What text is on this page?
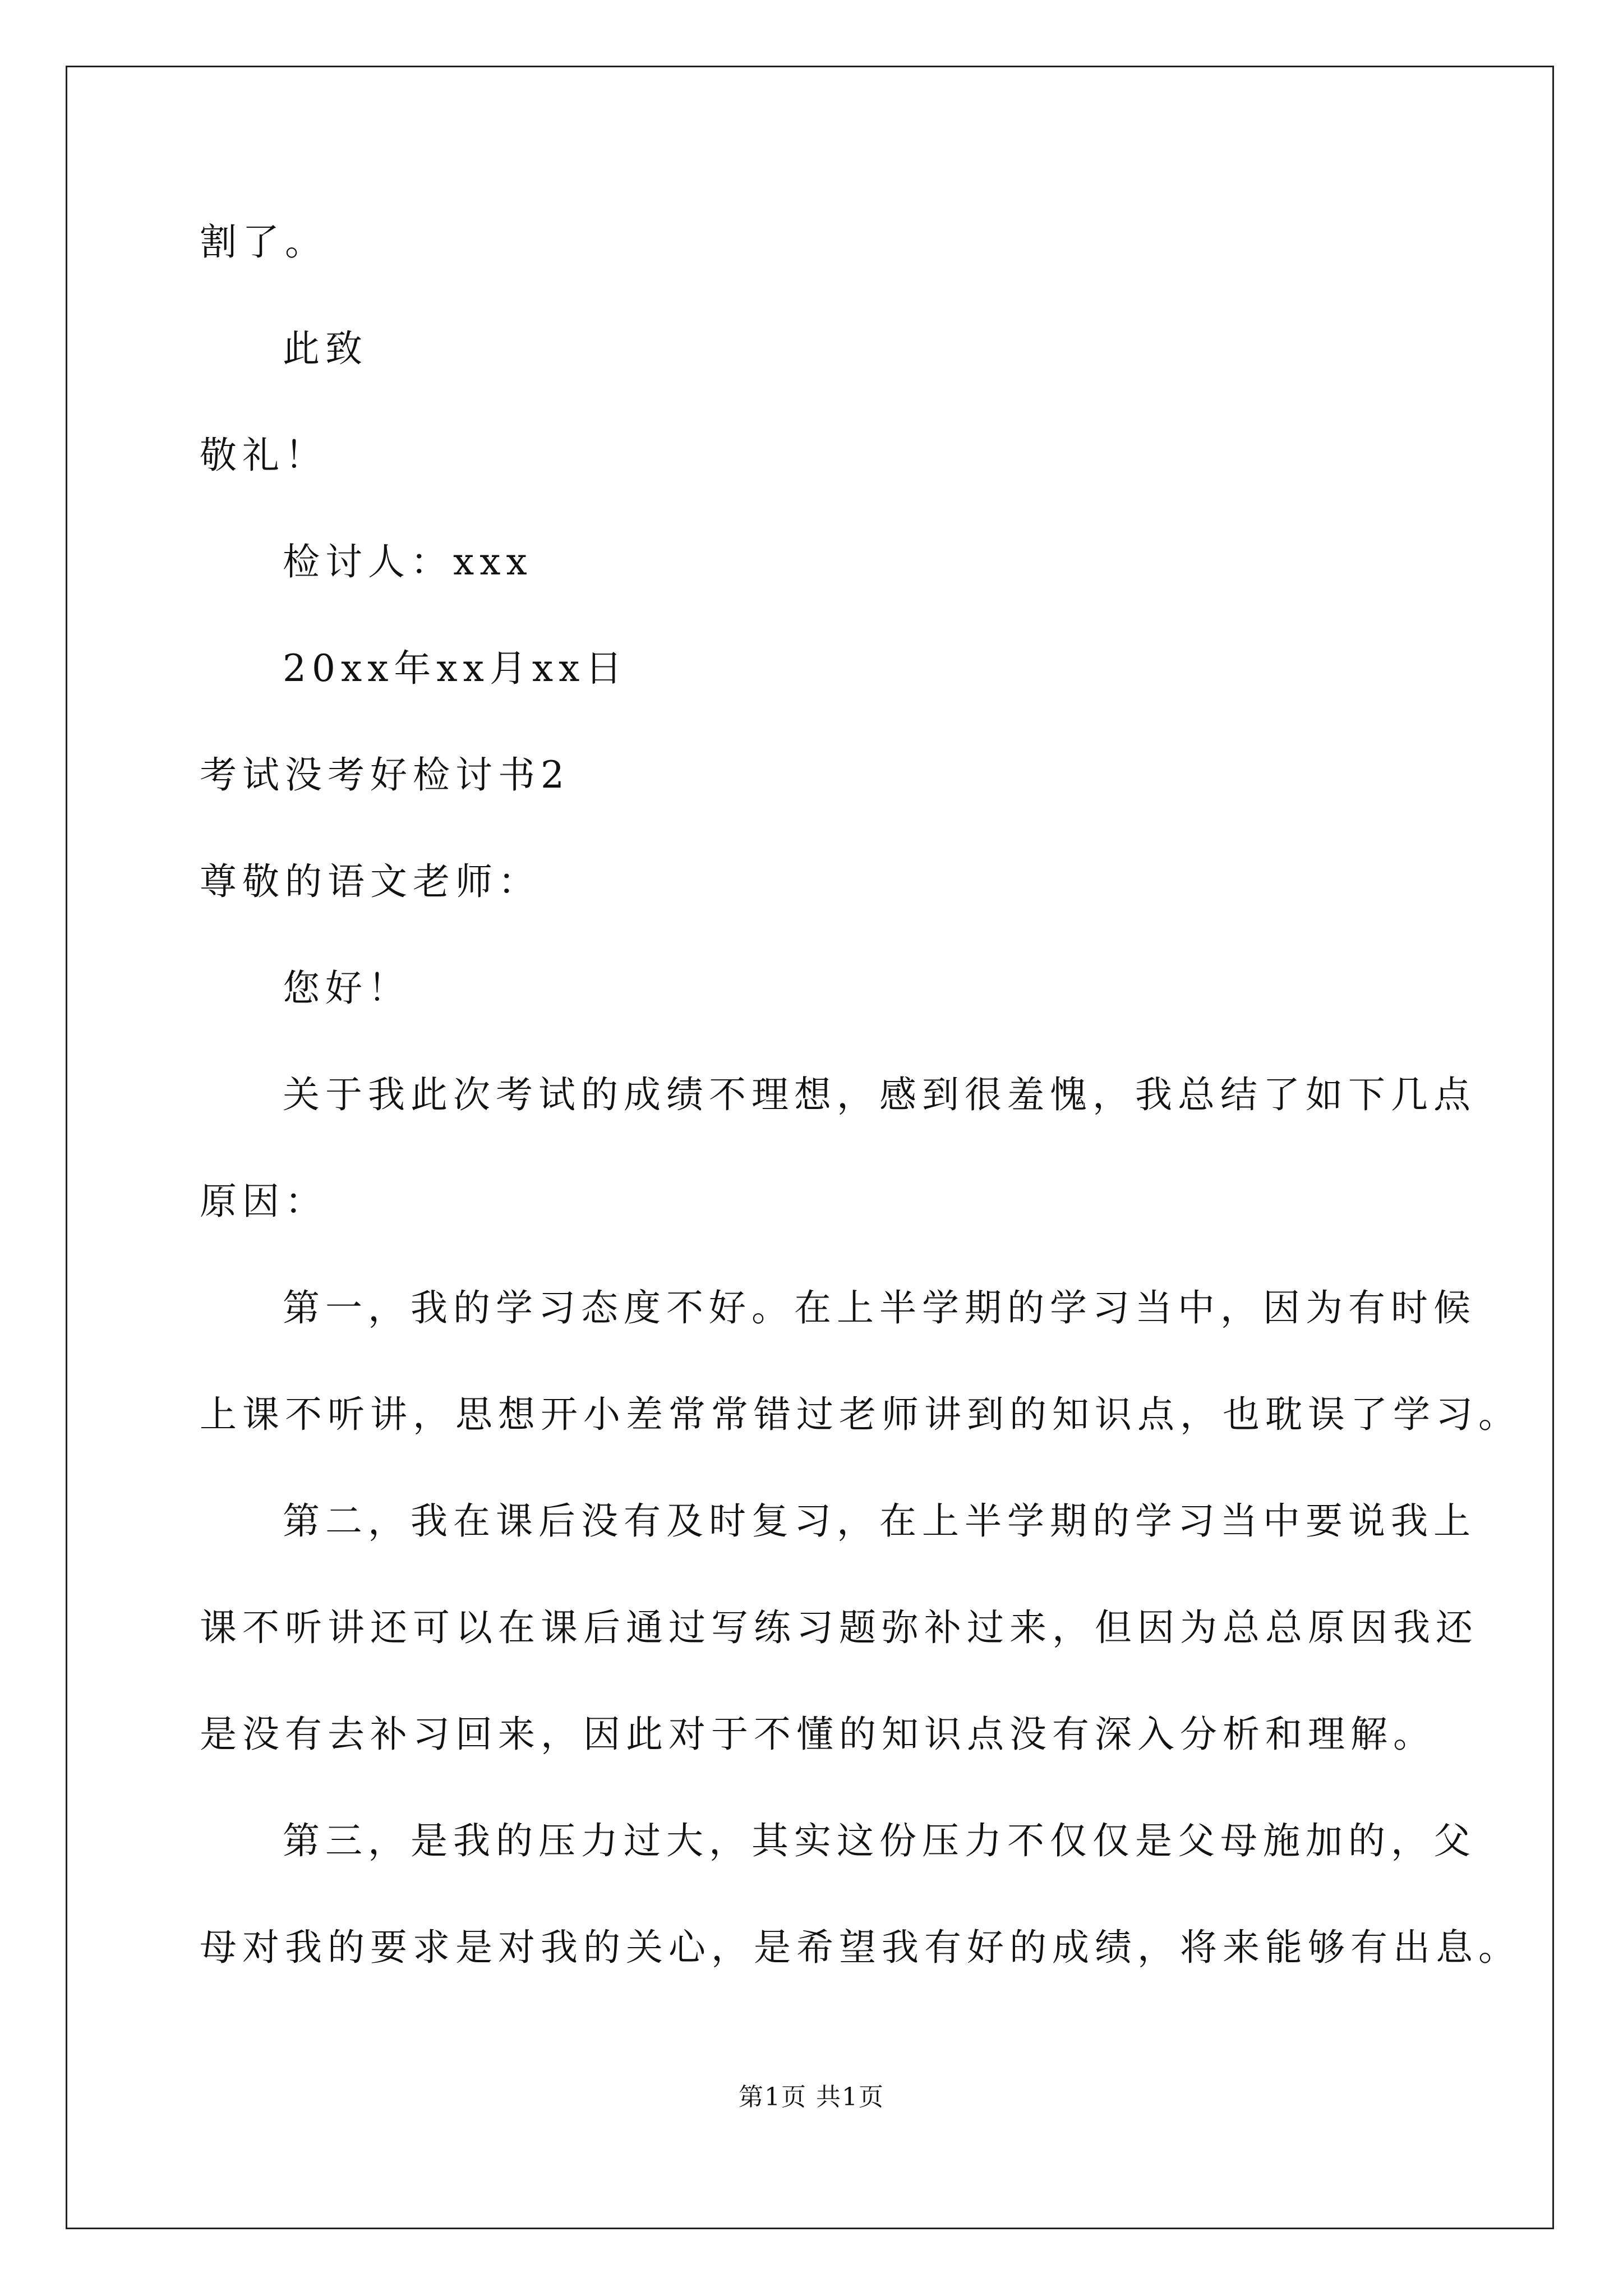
割了。
此致
敬礼！
检讨人：xxx
20xx年xx月xx日
考试没考好检讨书2
尊敬的语文老师：
您好！
关于我此次考试的成绩不理想，感到很羞愧，我总结了如下几点
原因：
第一，我的学习态度不好。在上半学期的学习当中，因为有时候
上课不听讲，思想开小差常常错过老师讲到的知识点，也耽误了学习。
第二，我在课后没有及时复习，在上半学期的学习当中要说我上
课不听讲还可以在课后通过写练习题弥补过来，但因为总总原因我还
是没有去补习回来，因此对于不懂的知识点没有深入分析和理解。
第三，是我的压力过大，其实这份压力不仅仅是父母施加的，父
母对我的要求是对我的关心，是希望我有好的成绩，将来能够有出息。
第1页 共1页
